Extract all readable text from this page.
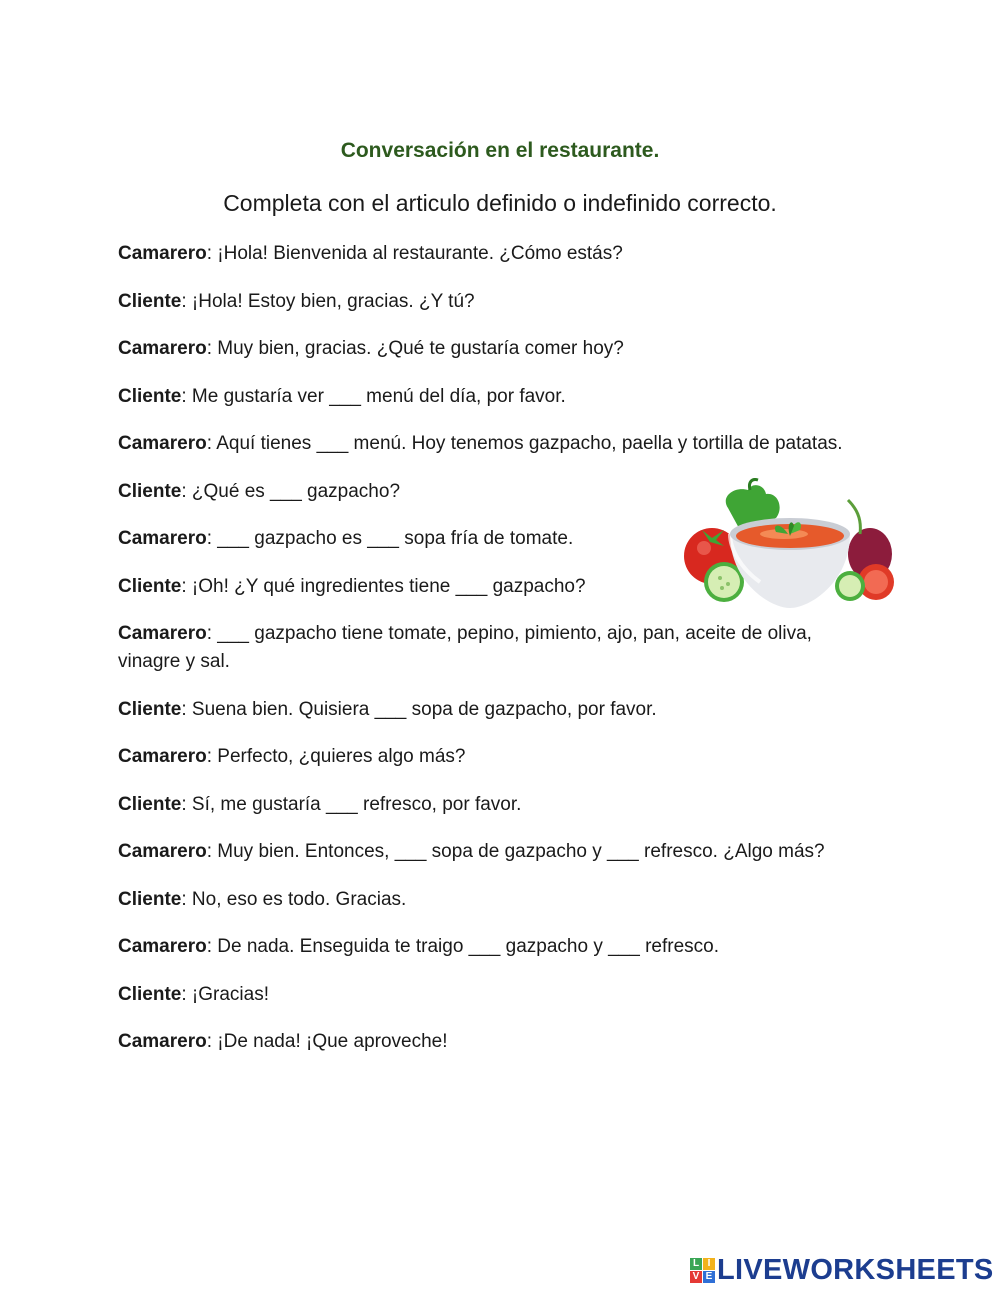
Conversación en el restaurante.
Completa con el articulo definido o indefinido correcto.

Camarero: ¡Hola! Bienvenida al restaurante. ¿Cómo estás?

Cliente: ¡Hola! Estoy bien, gracias. ¿Y tú?

Camarero: Muy bien, gracias. ¿Qué te gustaría comer hoy?

Cliente: Me gustaría ver ___ menú del día, por favor.

Camarero: Aquí tienes ___ menú. Hoy tenemos gazpacho, paella y tortilla de patatas.

Cliente: ¿Qué es ___ gazpacho?

Camarero: ___ gazpacho es ___ sopa fría de tomate.

Cliente: ¡Oh! ¿Y qué ingredientes tiene ___ gazpacho?

Camarero: ___ gazpacho tiene tomate, pepino, pimiento, ajo, pan, aceite de oliva, vinagre y sal.

Cliente: Suena bien. Quisiera ___ sopa de gazpacho, por favor.

Camarero: Perfecto, ¿quieres algo más?

Cliente: Sí, me gustaría ___ refresco, por favor.

Camarero: Muy bien. Entonces, ___ sopa de gazpacho y ___ refresco. ¿Algo más?

Cliente: No, eso es todo. Gracias.

Camarero: De nada. Enseguida te traigo ___ gazpacho y ___ refresco.

Cliente: ¡Gracias!

Camarero: ¡De nada! ¡Que aproveche!

L I
V E LIVEWORKSHEETS
